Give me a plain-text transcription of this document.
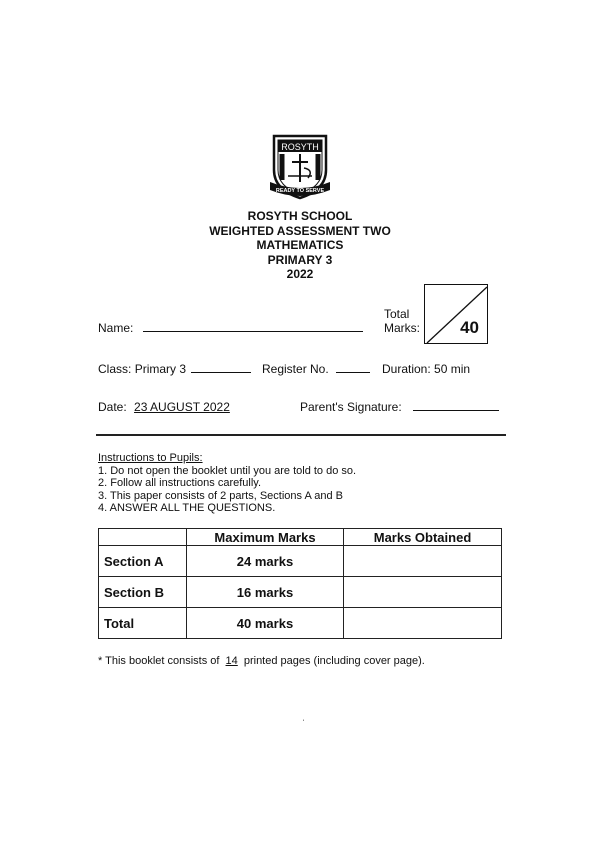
ROSYTH
READY TO SERVE
ROSYTH SCHOOL
WEIGHTED ASSESSMENT TWO
MATHEMATICS
PRIMARY 3
2022
Name:
Total
Marks: 40
Class: Primary 3	Register No.	Duration: 50 min
Date: 23 AUGUST 2022	Parent's Signature:
Instructions to Pupils:
1. Do not open the booklet until you are told to do so.
2. Follow all instructions carefully.
3. This paper consists of 2 parts, Sections A and B
4. ANSWER ALL THE QUESTIONS.
	Maximum Marks	Marks Obtained
Section A	24 marks	
Section B	16 marks	
Total	40 marks	
* This booklet consists of 14 printed pages (including cover page).
ˈ
